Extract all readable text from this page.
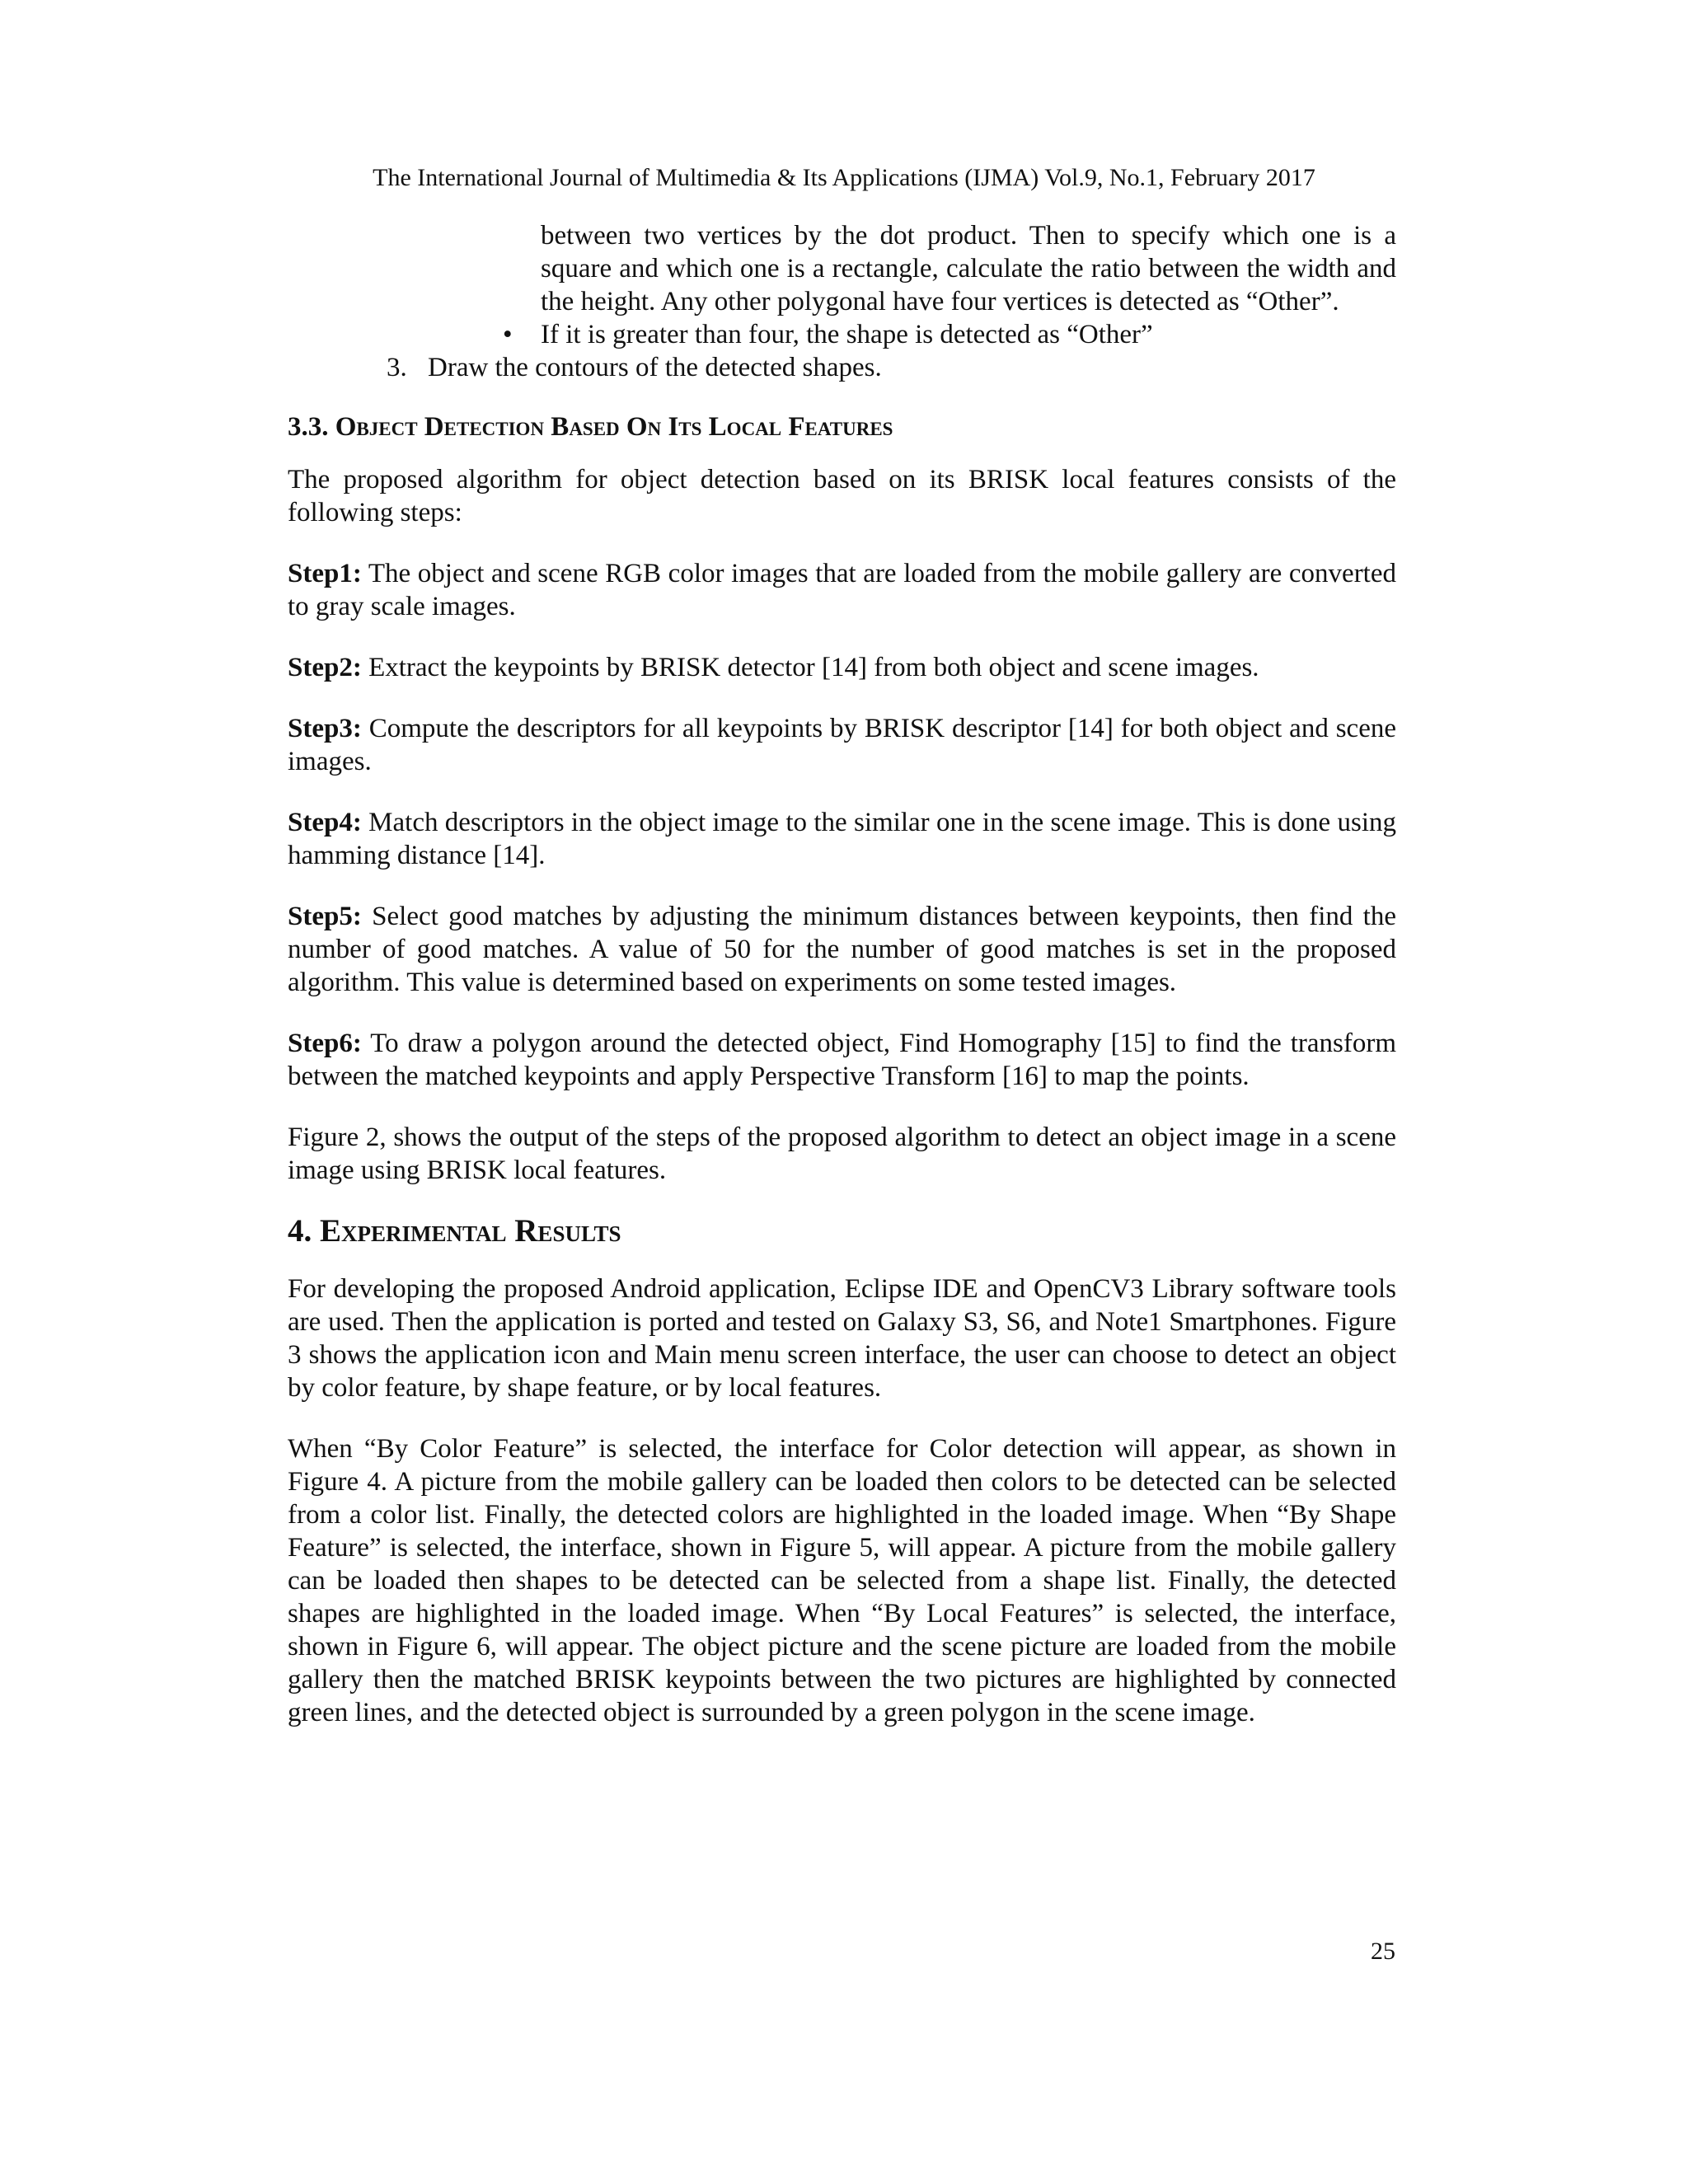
The International Journal of Multimedia & Its Applications (IJMA) Vol.9, No.1, February 2017

between two vertices by the dot product. Then to specify which one is a square and which one is a rectangle, calculate the ratio between the width and the height. Any other polygonal have four vertices is detected as “Other”.

• If it is greater than four, the shape is detected as “Other”
3. Draw the contours of the detected shapes.
3.3. Object Detection Based On Its Local Features

The proposed algorithm for object detection based on its BRISK local features consists of the following steps:

Step1: The object and scene RGB color images that are loaded from the mobile gallery are converted to gray scale images.

Step2: Extract the keypoints by BRISK detector [14] from both object and scene images.

Step3: Compute the descriptors for all keypoints by BRISK descriptor [14] for both object and scene images.

Step4: Match descriptors in the object image to the similar one in the scene image. This is done using hamming distance [14].

Step5: Select good matches by adjusting the minimum distances between keypoints, then find the number of good matches. A value of 50 for the number of good matches is set in the proposed algorithm. This value is determined based on experiments on some tested images.

Step6: To draw a polygon around the detected object, Find Homography [15] to find the transform between the matched keypoints and apply Perspective Transform [16] to map the points.

Figure 2, shows the output of the steps of the proposed algorithm to detect an object image in a scene image using BRISK local features.

4. Experimental Results

For developing the proposed Android application, Eclipse IDE and OpenCV3 Library software tools are used. Then the application is ported and tested on Galaxy S3, S6, and Note1 Smartphones. Figure 3 shows the application icon and Main menu screen interface, the user can choose to detect an object by color feature, by shape feature, or by local features.

When “By Color Feature” is selected, the interface for Color detection will appear, as shown in Figure 4. A picture from the mobile gallery can be loaded then colors to be detected can be selected from a color list. Finally, the detected colors are highlighted in the loaded image. When “By Shape Feature” is selected, the interface, shown in Figure 5, will appear. A picture from the mobile gallery can be loaded then shapes to be detected can be selected from a shape list. Finally, the detected shapes are highlighted in the loaded image. When “By Local Features” is selected, the interface, shown in Figure 6, will appear. The object picture and the scene picture are loaded from the mobile gallery then the matched BRISK keypoints between the two pictures are highlighted by connected green lines, and the detected object is surrounded by a green polygon in the scene image.

25
